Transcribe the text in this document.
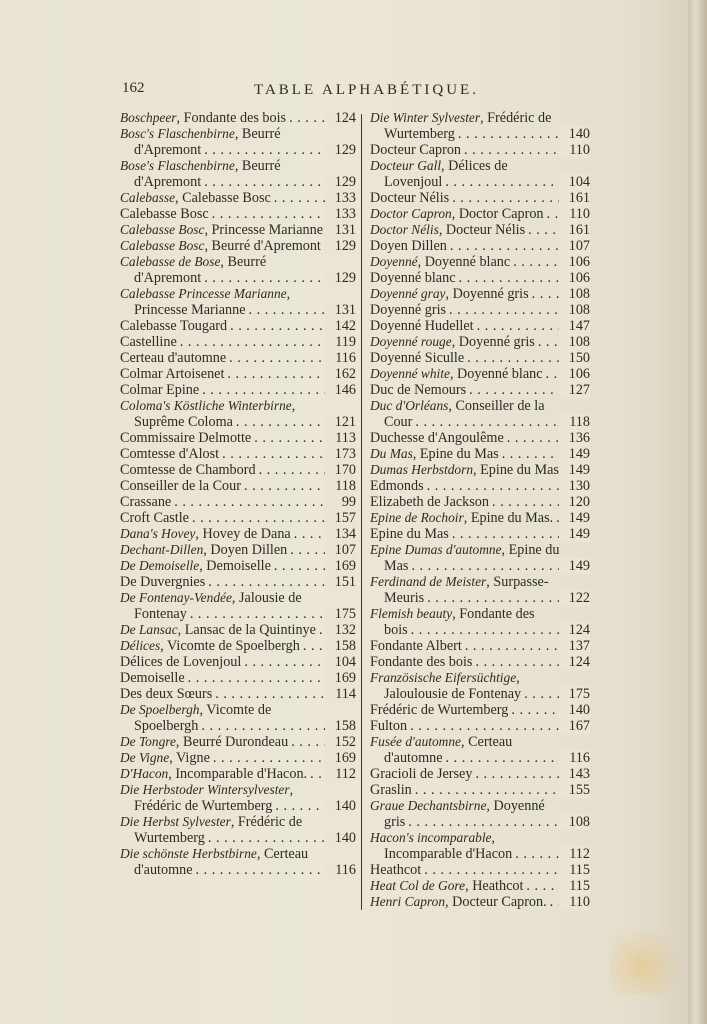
162	TABLE ALPHABÉTIQUE.
Boschpeer, Fondante des bois	124
Bosc's Flaschenbirne, Beurré d'Apremont	129
Bose's Flaschenbirne, Beurré d'Apremont	129
Calebasse, Calebasse Bosc	133
Calebasse Bosc	133
Calebasse Bosc, Princesse Marianne 131
Calebasse Bosc, Beurré d'Apremont 129
Calebasse de Bose, Beurré d'Apremont	129
Calebasse Princesse Marianne, Princesse Marianne	131
Calebasse Tougard	142
Castelline	119
Certeau d'automne	116
Colmar Artoisenet	162
Colmar Epine	146
Coloma's Köstliche Winterbirne, Suprême Coloma	121
Commissaire Delmotte	113
Comtesse d'Alost	173
Comtesse de Chambord	170
Conseiller de la Cour	118
Crassane	99
Croft Castle	157
Dana's Hovey, Hovey de Dana	134
Dechant-Dillen, Doyen Dillen	107
De Demoiselle, Demoiselle	169
De Duvergnies	151
De Fontenay-Vendée, Jalousie de Fontenay	175
De Lansac, Lansac de la Quintinye	132
Délices, Vicomte de Spoelbergh	158
Délices de Lovenjoul	104
Demoiselle	169
Des deux Sœurs	114
De Spoelbergh, Vicomte de Spoelbergh	158
De Tongre, Beurré Durondeau	152
De Vigne, Vigne	169
D'Hacon, Incomparable d'Hacon.	112
Die Herbstoder Wintersylvester, Frédéric de Wurtemberg	140
Die Herbst Sylvester, Frédéric de Wurtemberg	140
Die schönste Herbstbirne, Certeau d'automne	116
Die Winter Sylvester, Frédéric de Wurtemberg	140
Docteur Capron	110
Docteur Gall, Délices de Lovenjoul	104
Docteur Nélis	161
Doctor Capron, Doctor Capron	110
Doctor Nélis, Docteur Nélis	161
Doyen Dillen	107
Doyenné, Doyenné blanc	106
Doyenné blanc	106
Doyenné gray, Doyenné gris	108
Doyenné gris	108
Doyenné Hudellet	147
Doyenné rouge, Doyenné gris	108
Doyenné Siculle	150
Doyenné white, Doyenné blanc	106
Duc de Nemours	127
Duc d'Orléans, Conseiller de la Cour	118
Duchesse d'Angoulême	136
Du Mas, Epine du Mas	149
Dumas Herbstdorn, Epine du Mas 149
Edmonds	130
Elizabeth de Jackson	120
Epine de Rochoir, Epine du Mas.	149
Epine du Mas	149
Epine Dumas d'automne, Epine du Mas	149
Ferdinand de Meister, Surpasse-Meuris	122
Flemish beauty, Fondante des bois	124
Fondante Albert	137
Fondante des bois	124
Französische Eifersüchtige, Jaloulousie de Fontenay	175
Frédéric de Wurtemberg	140
Fulton	167
Fusée d'automne, Certeau d'automne	116
Gracioli de Jersey	143
Graslin	155
Graue Dechantsbirne, Doyenné gris	108
Hacon's incomparable, Incomparable d'Hacon	112
Heathcot	115
Heat Col de Gore, Heathcot	115
Henri Capron, Docteur Capron.	110
